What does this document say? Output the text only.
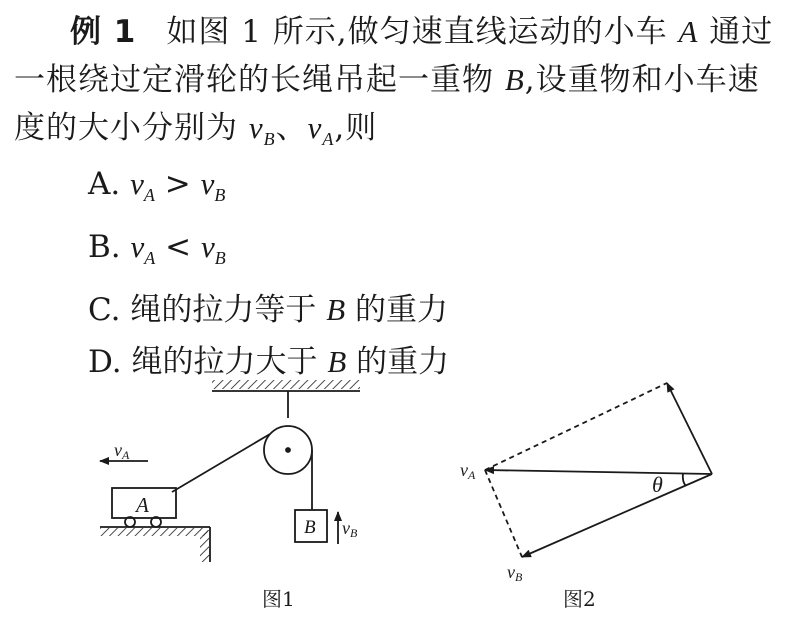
例 1 如图 1 所示,做匀速直线运动的小车 A 通过一根绕过定滑轮的长绳吊起一重物 B,设重物和小车速度的大小分别为 $v_B$、$v_A$,则
A. $v_A > v_B$
B. $v_A < v_B$
C. 绳的拉力等于 B 的重力
D. 绳的拉力大于 B 的重力
A
B
vA
vB
图1
vA
vB
θ
图2
